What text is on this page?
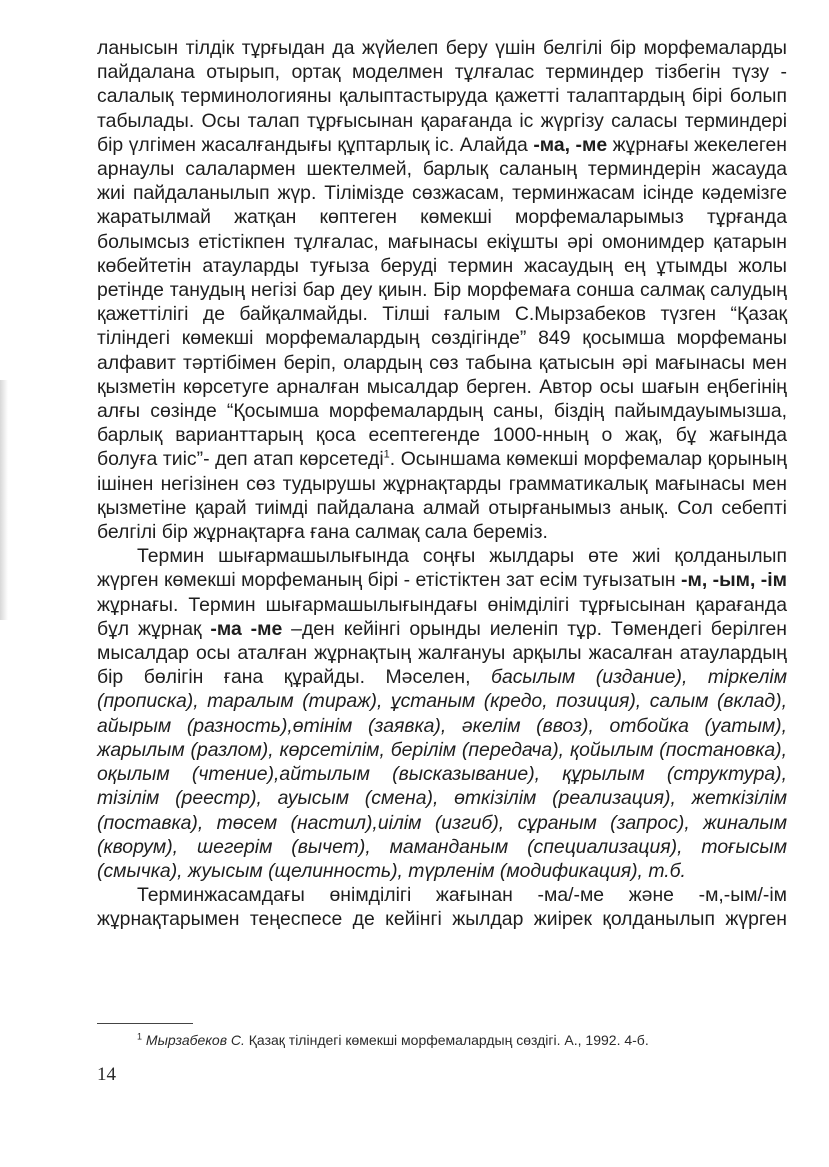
ланысын тілдік тұрғыдан да жүйелеп беру үшін белгілі бір морфемаларды пайдалана отырып, ортақ моделмен тұлғалас терминдер тізбегін түзу - салалық терминологияны қалыптастыруда қажетті талаптардың бірі болып табылады. Осы талап тұрғысынан қарағанда іс жүргізу саласы терминдері бір үлгімен жасалғандығы құптарлық іс. Алайда -ма, -ме жұрнағы жекелеген арнаулы салалармен шектелмей, барлық саланың терминдерін жасауда жиі пайдаланылып жүр. Тілімізде сөзжасам, терминжасам ісінде кәдемізге жаратылмай жатқан көптеген көмекші морфемаларымыз тұрғанда болымсыз етістікпен тұлғалас, мағынасы екіұшты әрі омонимдер қатарын көбейтетін атауларды туғыза беруді термин жасаудың ең ұтымды жолы ретінде танудың негізі бар деу қиын. Бір морфемаға сонша салмақ салудың қажеттілігі де байқалмайды. Тілші ғалым С.Мырзабеков түзген “Қазақ тіліндегі көмекші морфемалардың сөздігінде” 849 қосымша морфеманы алфавит тәртібімен беріп, олардың сөз табына қатысын әрі мағынасы мен қызметін көрсетуге арналған мысалдар берген. Автор осы шағын еңбегінің алғы сөзінде “Қосымша морфемалардың саны, біздің пайымдауымызша, барлық варианттарың қоса есептегенде 1000-нның о жақ, бұ жағында болуға тиіс”- деп атап көрсетеді$^1$. Осыншама көмекші морфемалар қорының ішінен негізінен сөз тудырушы жұрнақтарды грамматикалық мағынасы мен қызметіне қарай тиімді пайдалана алмай отырғанымыз анық. Сол себепті белгілі бір жұрнақтарға ғана салмақ сала береміз.

Термин шығармашылығында соңғы жылдары өте жиі қолданылып жүрген көмекші морфеманың бірі - етістіктен зат есім туғызатын -м, -ым, -ім жұрнағы. Термин шығармашылығындағы өнімділігі тұрғысынан қарағанда бұл жұрнақ -ма -ме –ден кейінгі орынды иеленіп тұр. Төмендегі берілген мысалдар осы аталған жұрнақтың жалғануы арқылы жасалған атаулардың бір бөлігін ғана құрайды. Мәселен, басылым (издание), тіркелім (прописка), таралым (тираж), ұстаным (кредо, позиция), салым (вклад), айырым (разность),өтінім (заявка), әкелім (ввоз), отбойка (уатым), жарылым (разлом), көрсетілім, берілім (передача), қойылым (постановка), оқылым (чтение),айтылым (высказывание), құрылым (структура), тізілім (реестр), ауысым (смена), өткізілім (реализация), жеткізілім (поставка), төсем (настил),иілім (изгиб), сұраным (запрос), жиналым (кворум), шегерім (вычет), маманданым (специализация), тоғысым (смычка), жуысым (щелинность), түрленім (модификация), т.б.

Терминжасамдағы өнімділігі жағынан -ма/-ме және -м,-ым/-ім жұрнақтарымен теңеспесе де кейінгі жылдар жиірек қолданылып жүрген

$^1$ Мырзабеков С. Қазақ тіліндегі көмекші морфемалардың сөздігі. А., 1992. 4-б.
14
